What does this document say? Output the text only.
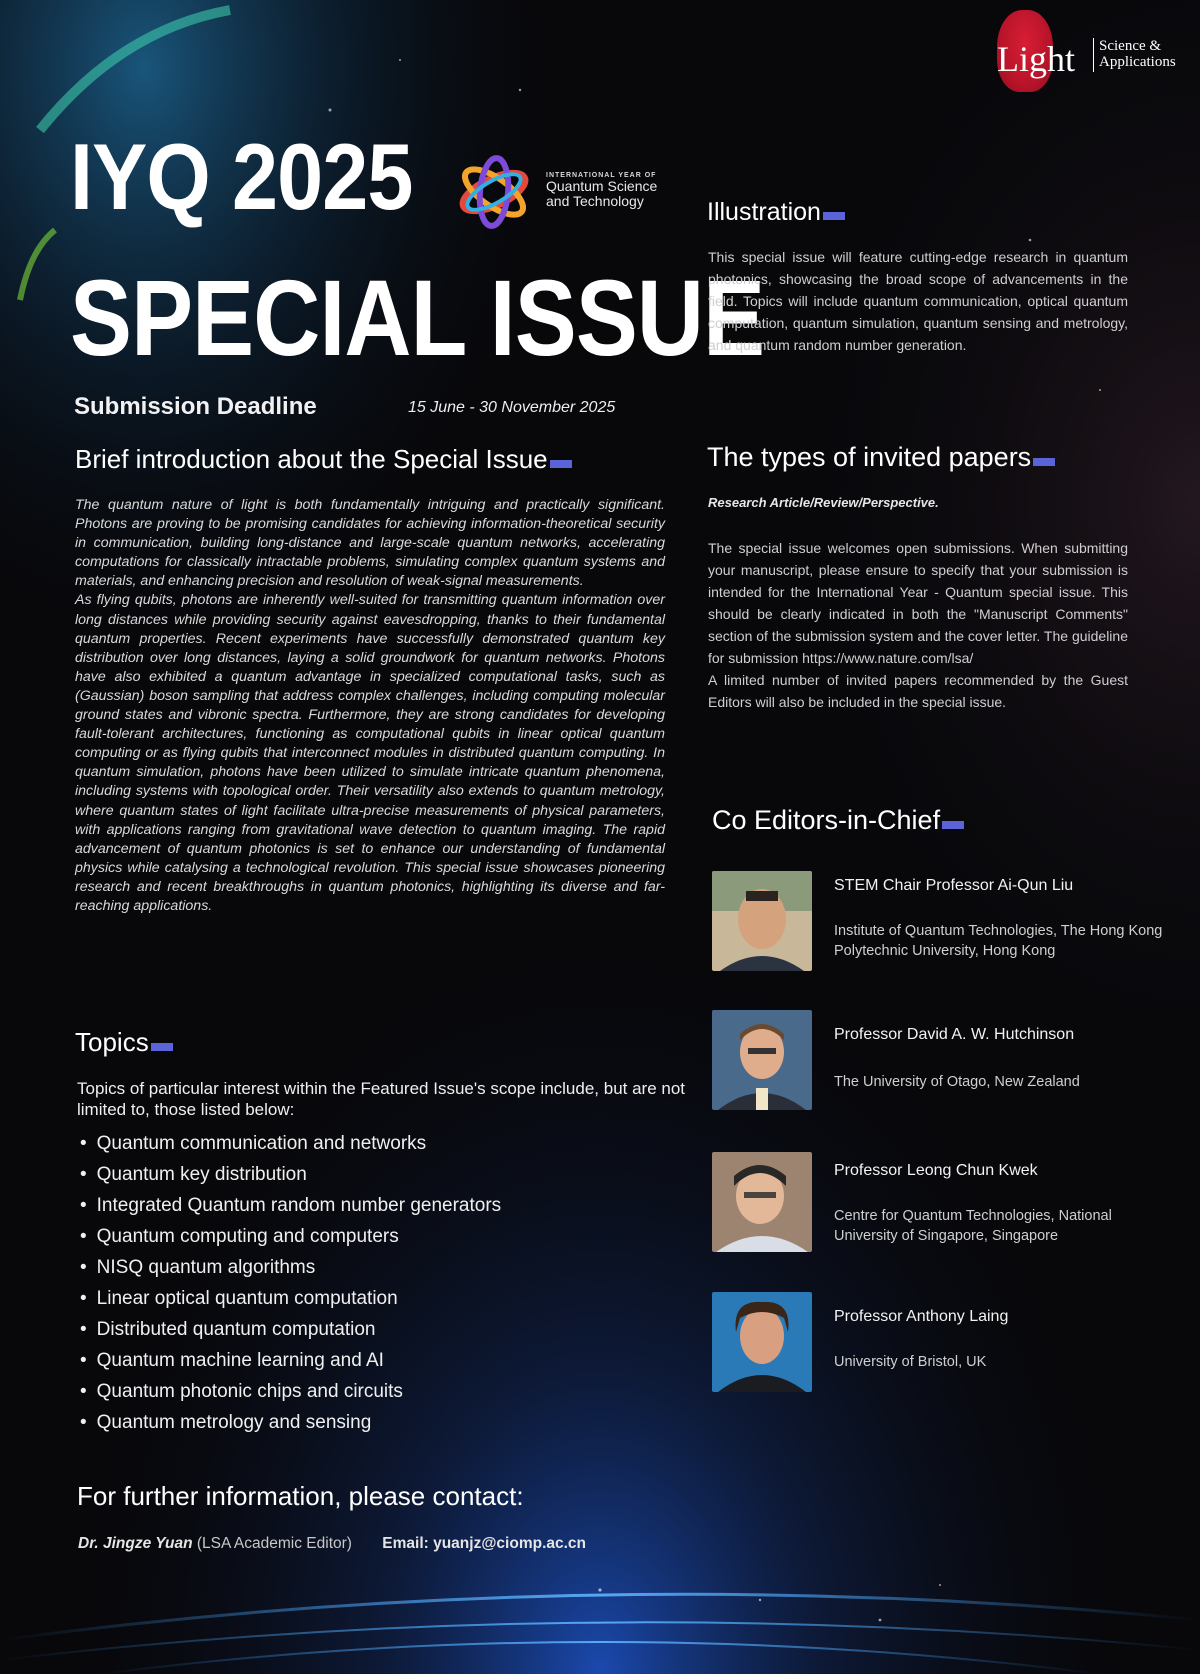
Light Science &
Applications
IYQ 2025	INTERNATIONAL YEAR OF
Quantum Science
and Technology
SPECIAL ISSUE
Submission Deadline	15 June - 30 November 2025
Brief introduction about the Special Issue

The quantum nature of light is both fundamentally intriguing and practically significant. Photons are proving to be promising candidates for achieving information-theoretical security in communication, building long-distance and large-scale quantum networks, accelerating computations for classically intractable problems, simulating complex quantum systems and materials, and enhancing precision and resolution of weak-signal measurements.

As flying qubits, photons are inherently well-suited for transmitting quantum information over long distances while providing security against eavesdropping, thanks to their fundamental quantum properties. Recent experiments have successfully demonstrated quantum key distribution over long distances, laying a solid groundwork for quantum networks. Photons have also exhibited a quantum advantage in specialized computational tasks, such as (Gaussian) boson sampling that address complex challenges, including computing molecular ground states and vibronic spectra. Furthermore, they are strong candidates for developing fault-tolerant architectures, functioning as computational qubits in linear optical quantum computing or as flying qubits that interconnect modules in distributed quantum computing. In quantum simulation, photons have been utilized to simulate intricate quantum phenomena, including systems with topological order. Their versatility also extends to quantum metrology, where quantum states of light facilitate ultra-precise measurements of physical parameters, with applications ranging from gravitational wave detection to quantum imaging. The rapid advancement of quantum photonics is set to enhance our understanding of fundamental physics while catalysing a technological revolution. This special issue showcases pioneering research and recent breakthroughs in quantum photonics, highlighting its diverse and far-reaching applications.

Topics
Topics of particular interest within the Featured Issue's scope include, but are not limited to, those listed below:
• Quantum communication and networks
• Quantum key distribution
• Integrated Quantum random number generators
• Quantum computing and computers
• NISQ quantum algorithms
• Linear optical quantum computation
• Distributed quantum computation
• Quantum machine learning and AI
• Quantum photonic chips and circuits
• Quantum metrology and sensing
For further information, please contact:
Dr. Jingze Yuan (LSA Academic Editor) Email: yuanjz@ciomp.ac.cn
Illustration
This special issue will feature cutting-edge research in quantum photonics, showcasing the broad scope of advancements in the field. Topics will include quantum communication, optical quantum computation, quantum simulation, quantum sensing and metrology, and quantum random number generation.
The types of invited papers
Research Article/Review/Perspective.

The special issue welcomes open submissions. When submitting your manuscript, please ensure to specify that your submission is intended for the International Year - Quantum special issue. This should be clearly indicated in both the "Manuscript Comments" section of the submission system and the cover letter. The guideline for submission https://www.nature.com/lsa/

A limited number of invited papers recommended by the Guest Editors will also be included in the special issue.

Co Editors-in-Chief
STEM Chair Professor Ai-Qun Liu
Institute of Quantum Technologies, The Hong Kong Polytechnic University, Hong Kong
Professor David A. W. Hutchinson
The University of Otago, New Zealand
Professor Leong Chun Kwek
Centre for Quantum Technologies, National University of Singapore, Singapore
Professor Anthony Laing
University of Bristol, UK
